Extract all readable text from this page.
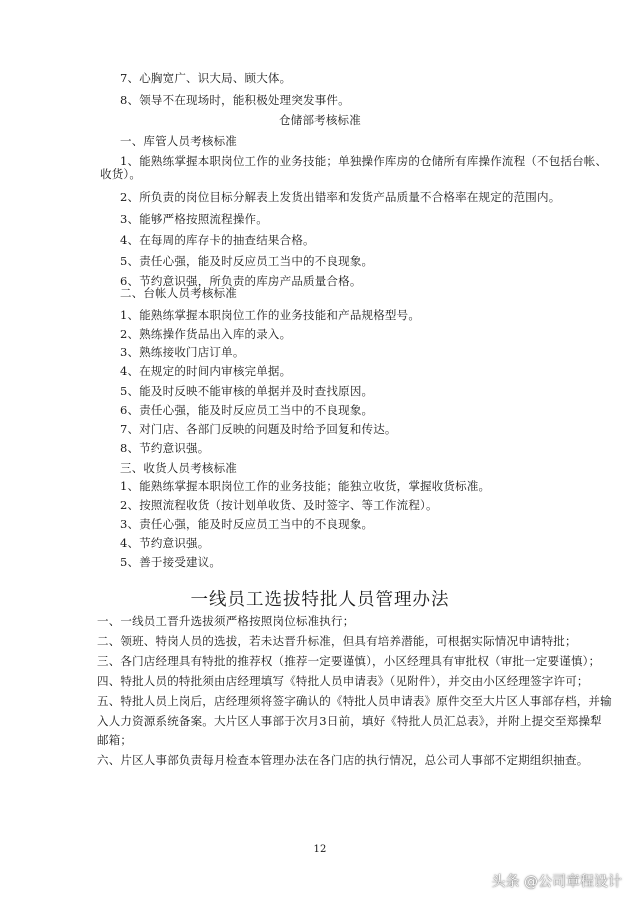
7、心胸宽广、识大局、顾大体。
8、领导不在现场时，能积极处理突发事件。
仓储部考核标准
一、库管人员考核标准
1、能熟练掌握本职岗位工作的业务技能；单独操作库房的仓储所有库操作流程（不包括台帐、
收货）。
2、所负责的岗位目标分解表上发货出错率和发货产品质量不合格率在规定的范围内。
3、能够严格按照流程操作。
4、在每周的库存卡的抽查结果合格。
5、责任心强，能及时反应员工当中的不良现象。
6、节约意识强，所负责的库房产品质量合格。
二、台帐人员考核标准
1、能熟练掌握本职岗位工作的业务技能和产品规格型号。
2、熟练操作货品出入库的录入。
3、熟练接收门店订单。
4、在规定的时间内审核完单据。
5、能及时反映不能审核的单据并及时查找原因。
6、责任心强，能及时反应员工当中的不良现象。
7、对门店、各部门反映的问题及时给予回复和传达。
8、节约意识强。
三、收货人员考核标准
1、能熟练掌握本职岗位工作的业务技能；能独立收货，掌握收货标准。
2、按照流程收货（按计划单收货、及时签字、等工作流程）。
3、责任心强，能及时反应员工当中的不良现象。
4、节约意识强。
5、善于接受建议。
一线员工选拔特批人员管理办法
一、一线员工晋升选拔须严格按照岗位标准执行；
二、领班、特岗人员的选拔，若未达晋升标准，但具有培养潜能，可根据实际情况申请特批；
三、各门店经理具有特批的推荐权（推荐一定要谨慎），小区经理具有审批权（审批一定要谨慎）；
四、特批人员的特批须由店经理填写《特批人员申请表》（见附件），并交由小区经理签字许可；
五、特批人员上岗后，店经理须将签字确认的《特批人员申请表》原件交至大片区人事部存档，并输
入人力资源系统备案。大片区人事部于次月3日前，填好《特批人员汇总表》，并附上提交至郑操犁
邮箱；
六、片区人事部负责每月检查本管理办法在各门店的执行情况，总公司人事部不定期组织抽查。
12
头条 @公司章程设计
